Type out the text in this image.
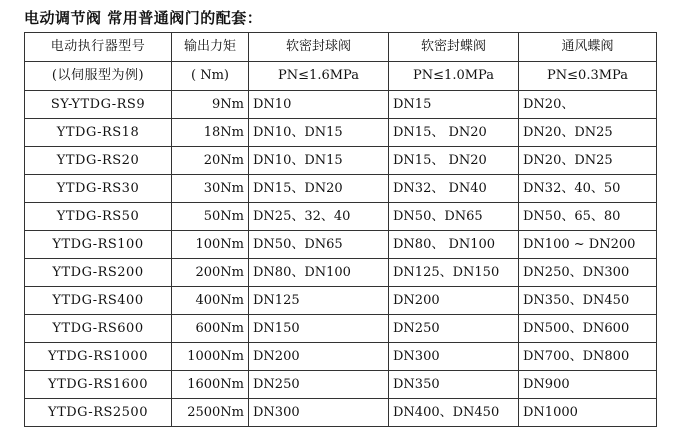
电动调节阀 常用普通阀门的配套：
电动执行器型号	输出力矩	软密封球阀	软密封蝶阀	通风蝶阀
(以伺服型为例)	( Nm)	PN≤1.6MPa	PN≤1.0MPa	PN≤0.3MPa
SY-YTDG-RS9	9Nm	DN10	DN15	DN20、
YTDG-RS18	18Nm	DN10、DN15	DN15、 DN20	DN20、DN25
YTDG-RS20	20Nm	DN10、DN15	DN15、 DN20	DN20、DN25
YTDG-RS30	30Nm	DN15、DN20	DN32、 DN40	DN32、40、50
YTDG-RS50	50Nm	DN25、32、40	DN50、DN65	DN50、65、80
YTDG-RS100	100Nm	DN50、DN65	DN80、 DN100	DN100 ~ DN200
YTDG-RS200	200Nm	DN80、DN100	DN125、DN150	DN250、DN300
YTDG-RS400	400Nm	DN125	DN200	DN350、DN450
YTDG-RS600	600Nm	DN150	DN250	DN500、DN600
YTDG-RS1000	1000Nm	DN200	DN300	DN700、DN800
YTDG-RS1600	1600Nm	DN250	DN350	DN900
YTDG-RS2500	2500Nm	DN300	DN400、DN450	DN1000
